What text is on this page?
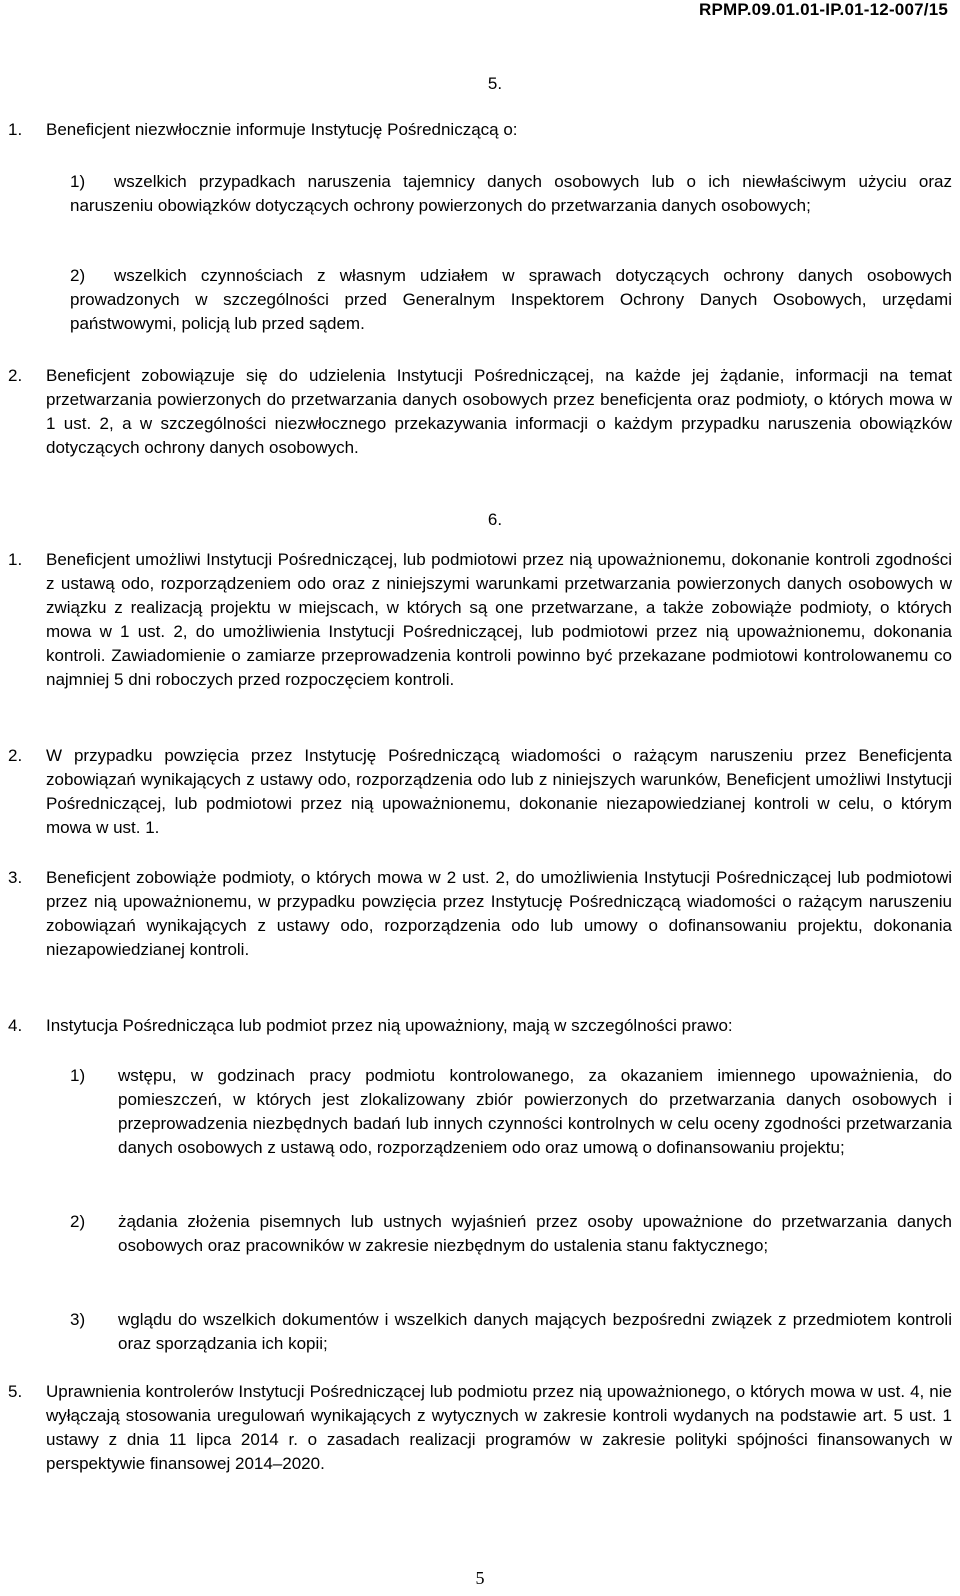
RPMP.09.01.01-IP.01-12-007/15
5.
1. Beneficjent niezwłocznie informuje Instytucję Pośredniczącą o:
1)	wszelkich przypadkach naruszenia tajemnicy danych osobowych lub o ich niewłaściwym użyciu oraz naruszeniu obowiązków dotyczących ochrony powierzonych do przetwarzania danych osobowych;
2)	wszelkich czynnościach z własnym udziałem w sprawach dotyczących ochrony danych osobowych prowadzonych w szczególności przed Generalnym Inspektorem Ochrony Danych Osobowych, urzędami państwowymi, policją lub przed sądem.
2. Beneficjent zobowiązuje się do udzielenia Instytucji Pośredniczącej, na każde jej żądanie, informacji na temat przetwarzania powierzonych do przetwarzania danych osobowych przez beneficjenta oraz podmioty, o których mowa w 1 ust. 2, a w szczególności niezwłocznego przekazywania informacji o każdym przypadku naruszenia obowiązków dotyczących ochrony danych osobowych.
6.
1. Beneficjent umożliwi Instytucji Pośredniczącej, lub podmiotowi przez nią upoważnionemu, dokonanie kontroli zgodności z ustawą odo, rozporządzeniem odo oraz z niniejszymi warunkami przetwarzania powierzonych danych osobowych w związku z realizacją projektu w miejscach, w których są one przetwarzane, a także zobowiąże podmioty, o których mowa w 1 ust. 2, do umożliwienia Instytucji Pośredniczącej, lub podmiotowi przez nią upoważnionemu, dokonania kontroli. Zawiadomienie o zamiarze przeprowadzenia kontroli powinno być przekazane podmiotowi kontrolowanemu co najmniej 5 dni roboczych przed rozpoczęciem kontroli.
2. W przypadku powzięcia przez Instytucję Pośredniczącą wiadomości o rażącym naruszeniu przez Beneficjenta zobowiązań wynikających z ustawy odo, rozporządzenia odo lub z niniejszych warunków, Beneficjent umożliwi Instytucji Pośredniczącej, lub podmiotowi przez nią upoważnionemu, dokonanie niezapowiedzianej kontroli w celu, o którym mowa w ust. 1.
3. Beneficjent zobowiąże podmioty, o których mowa w 2 ust. 2, do umożliwienia Instytucji Pośredniczącej lub podmiotowi przez nią upoważnionemu, w przypadku powzięcia przez Instytucję Pośredniczącą wiadomości o rażącym naruszeniu zobowiązań wynikających z ustawy odo, rozporządzenia odo lub umowy o dofinansowaniu projektu, dokonania niezapowiedzianej kontroli.
4. Instytucja Pośrednicząca lub podmiot przez nią upoważniony, mają w szczególności prawo:
1) wstępu, w godzinach pracy podmiotu kontrolowanego, za okazaniem imiennego upoważnienia, do pomieszczeń, w których jest zlokalizowany zbiór powierzonych do przetwarzania danych osobowych i przeprowadzenia niezbędnych badań lub innych czynności kontrolnych w celu oceny zgodności przetwarzania danych osobowych z ustawą odo, rozporządzeniem odo oraz umową o dofinansowaniu projektu;
2) żądania złożenia pisemnych lub ustnych wyjaśnień przez osoby upoważnione do przetwarzania danych osobowych oraz pracowników w zakresie niezbędnym do ustalenia stanu faktycznego;
3) wglądu do wszelkich dokumentów i wszelkich danych mających bezpośredni związek z przedmiotem kontroli oraz sporządzania ich kopii;
5. Uprawnienia kontrolerów Instytucji Pośredniczącej lub podmiotu przez nią upoważnionego, o których mowa w ust. 4, nie wyłączają stosowania uregulowań wynikających z wytycznych w zakresie kontroli wydanych na podstawie art. 5 ust. 1 ustawy z dnia 11 lipca 2014 r. o zasadach realizacji programów w zakresie polityki spójności finansowanych w perspektywie finansowej 2014–2020.
5
